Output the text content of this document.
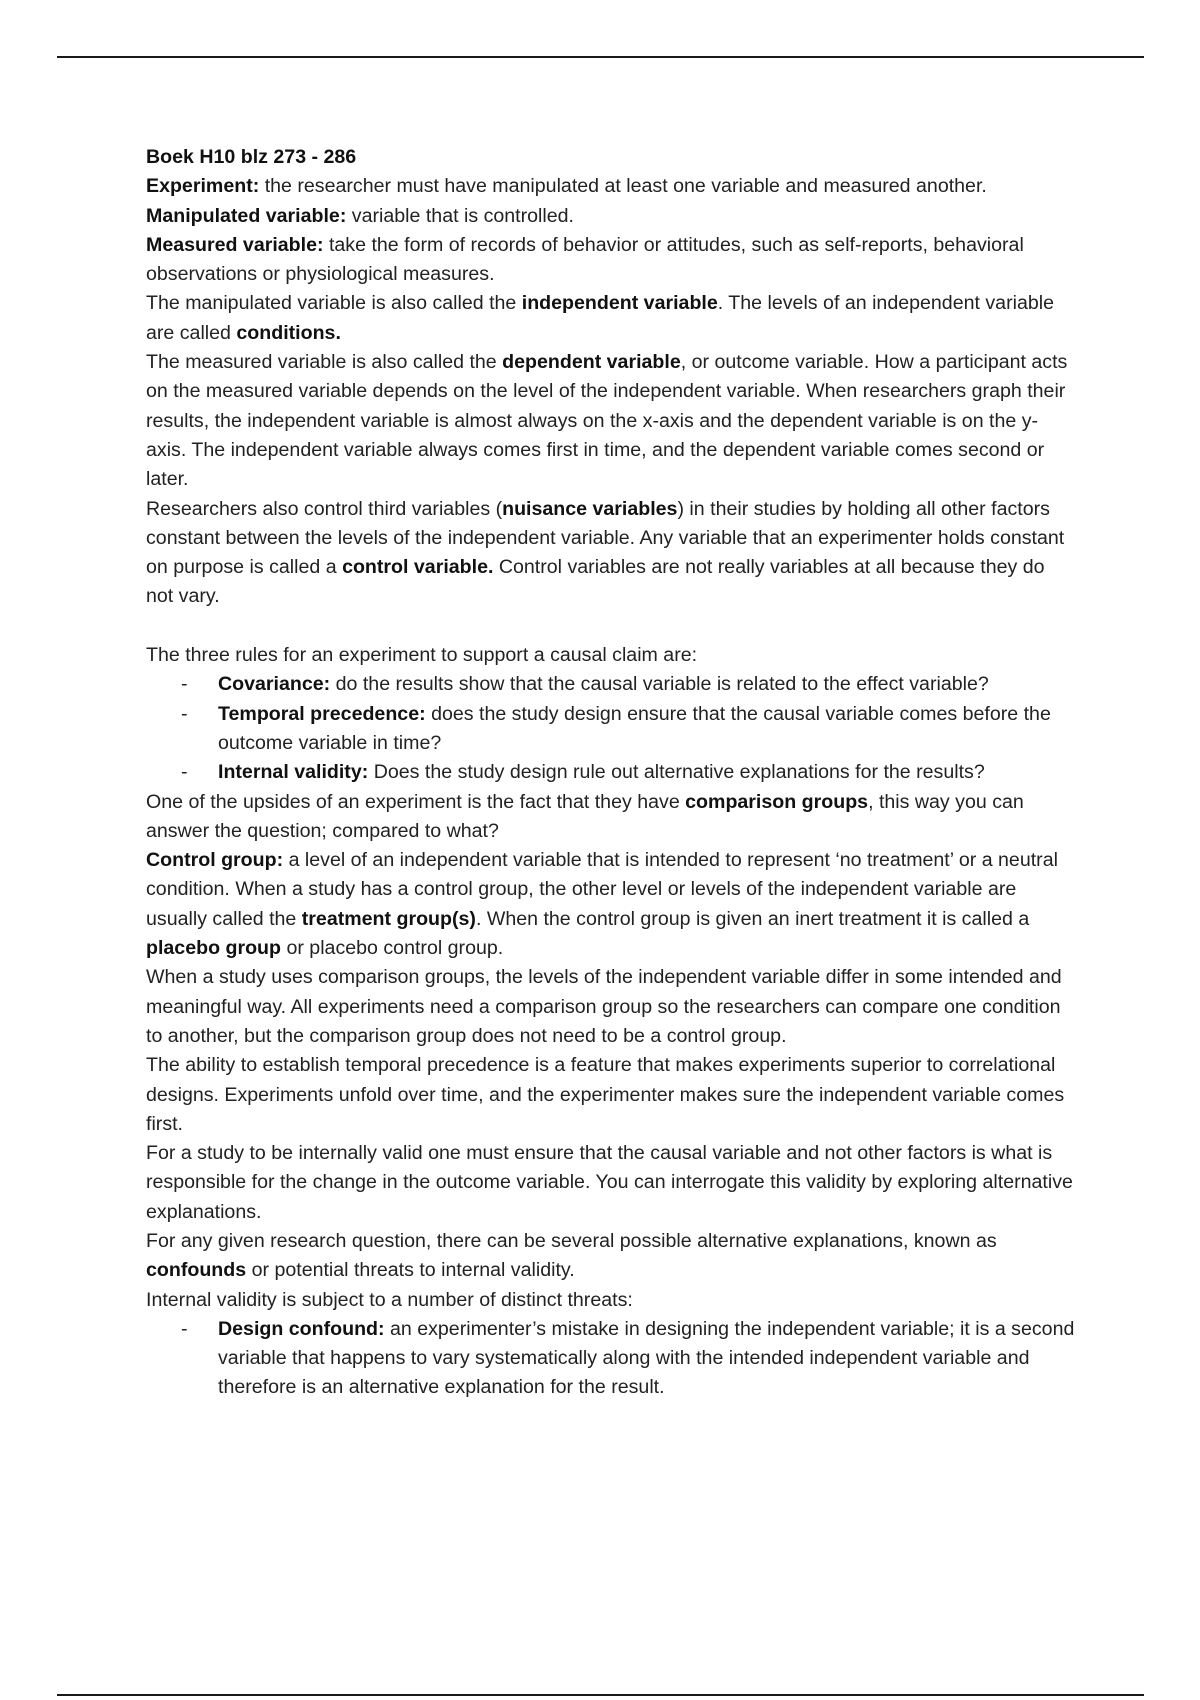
Boek H10 blz 273 - 286

Experiment: the researcher must have manipulated at least one variable and measured another.

Manipulated variable: variable that is controlled.

Measured variable: take the form of records of behavior or attitudes, such as self-reports, behavioral observations or physiological measures.

The manipulated variable is also called the independent variable. The levels of an independent variable are called conditions.

The measured variable is also called the dependent variable, or outcome variable. How a participant acts on the measured variable depends on the level of the independent variable. When researchers graph their results, the independent variable is almost always on the x-axis and the dependent variable is on the y-axis. The independent variable always comes first in time, and the dependent variable comes second or later.

Researchers also control third variables (nuisance variables) in their studies by holding all other factors constant between the levels of the independent variable. Any variable that an experimenter holds constant on purpose is called a control variable. Control variables are not really variables at all because they do not vary.

The three rules for an experiment to support a causal claim are:

- Covariance: do the results show that the causal variable is related to the effect variable?
- Temporal precedence: does the study design ensure that the causal variable comes before the outcome variable in time?
- Internal validity: Does the study design rule out alternative explanations for the results?

One of the upsides of an experiment is the fact that they have comparison groups, this way you can answer the question; compared to what?

Control group: a level of an independent variable that is intended to represent ‘no treatment’ or a neutral condition. When a study has a control group, the other level or levels of the independent variable are usually called the treatment group(s). When the control group is given an inert treatment it is called a placebo group or placebo control group.

When a study uses comparison groups, the levels of the independent variable differ in some intended and meaningful way. All experiments need a comparison group so the researchers can compare one condition to another, but the comparison group does not need to be a control group.

The ability to establish temporal precedence is a feature that makes experiments superior to correlational designs. Experiments unfold over time, and the experimenter makes sure the independent variable comes first.

For a study to be internally valid one must ensure that the causal variable and not other factors is what is responsible for the change in the outcome variable. You can interrogate this validity by exploring alternative explanations.

For any given research question, there can be several possible alternative explanations, known as confounds or potential threats to internal validity.

Internal validity is subject to a number of distinct threats:

- Design confound: an experimenter’s mistake in designing the independent variable; it is a second variable that happens to vary systematically along with the intended independent variable and therefore is an alternative explanation for the result.
